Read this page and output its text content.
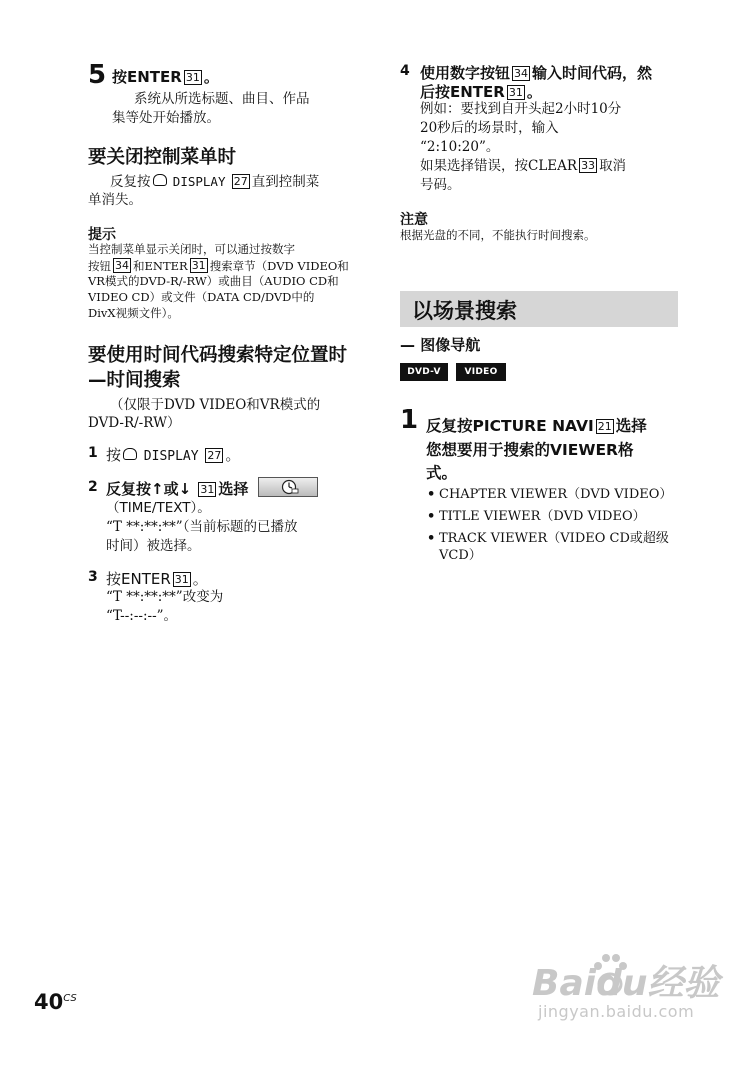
5 按ENTER 31 。
系统从所选标题、曲目、作品
集等处开始播放。
要关闭控制菜单时
反复按 DISPLAY 27 直到控制菜
单消失。
提示
当控制菜单显示关闭时，可以通过按数字
按钮 34 和ENTER 31 搜索章节（DVD VIDEO和
VR模式的DVD-R/-RW）或曲目（AUDIO CD和
VIDEO CD）或文件（DATA CD/DVD中的
DivX视频文件）。
要使用时间代码搜索特定位置时
—时间搜索
（仅限于DVD VIDEO和VR模式的
DVD-R/-RW）
1 按 DISPLAY 27 。
2 反复按↑或↓ 31 选择
（TIME/TEXT）。
“T **:**:**”（当前标题的已播放
时间）被选择。
3 按ENTER 31 。
“T **:**:**”改变为
“T--:--:--”。
4 使用数字按钮 34 输入时间代码，然
后按ENTER 31 。
例如：要找到自开头起2小时10分
20秒后的场景时，输入
“2:10:20”。
如果选择错误，按CLEAR 33 取消
号码。
注意
根据光盘的不同，不能执行时间搜索。
以场景搜索
— 图像导航
DVD-V	VIDEO CD
1 反复按PICTURE NAVI 21 选择
您想要用于搜索的VIEWER格
式。
• CHAPTER VIEWER（DVD VIDEO）
• TITLE VIEWER（DVD VIDEO）
• TRACK VIEWER（VIDEO CD或超级
VCD）
$40^{CS}$	Baidu经验
jingyan.baidu.com
